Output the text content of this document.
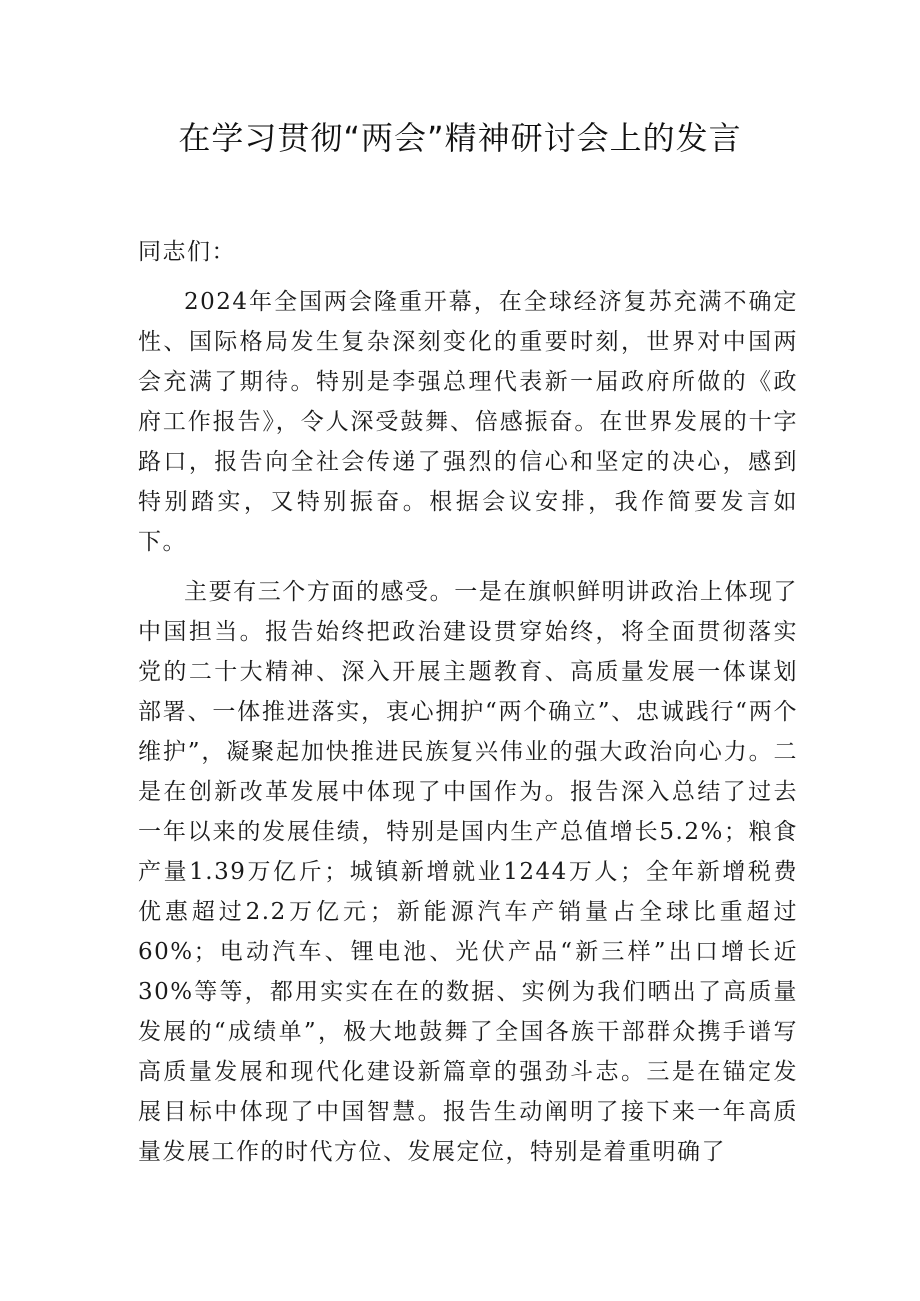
在学习贯彻“两会”精神研讨会上的发言

同志们：

2024年全国两会隆重开幕，在全球经济复苏充满不确定性、国际格局发生复杂深刻变化的重要时刻，世界对中国两会充满了期待。特别是李强总理代表新一届政府所做的《政府工作报告》，令人深受鼓舞、倍感振奋。在世界发展的十字路口，报告向全社会传递了强烈的信心和坚定的决心，感到特别踏实，又特别振奋。根据会议安排，我作简要发言如下。

主要有三个方面的感受。一是在旗帜鲜明讲政治上体现了中国担当。报告始终把政治建设贯穿始终，将全面贯彻落实党的二十大精神、深入开展主题教育、高质量发展一体谋划部署、一体推进落实，衷心拥护“两个确立”、忠诚践行“两个维护”，凝聚起加快推进民族复兴伟业的强大政治向心力。二是在创新改革发展中体现了中国作为。报告深入总结了过去一年以来的发展佳绩，特别是国内生产总值增长5.2%；粮食产量1.39万亿斤；城镇新增就业1244万人；全年新增税费优惠超过2.2万亿元；新能源汽车产销量占全球比重超过60%；电动汽车、锂电池、光伏产品“新三样”出口增长近30%等等，都用实实在在的数据、实例为我们晒出了高质量发展的“成绩单”，极大地鼓舞了全国各族干部群众携手谱写高质量发展和现代化建设新篇章的强劲斗志。三是在锚定发展目标中体现了中国智慧。报告生动阐明了接下来一年高质量发展工作的时代方位、发展定位，特别是着重明确了
